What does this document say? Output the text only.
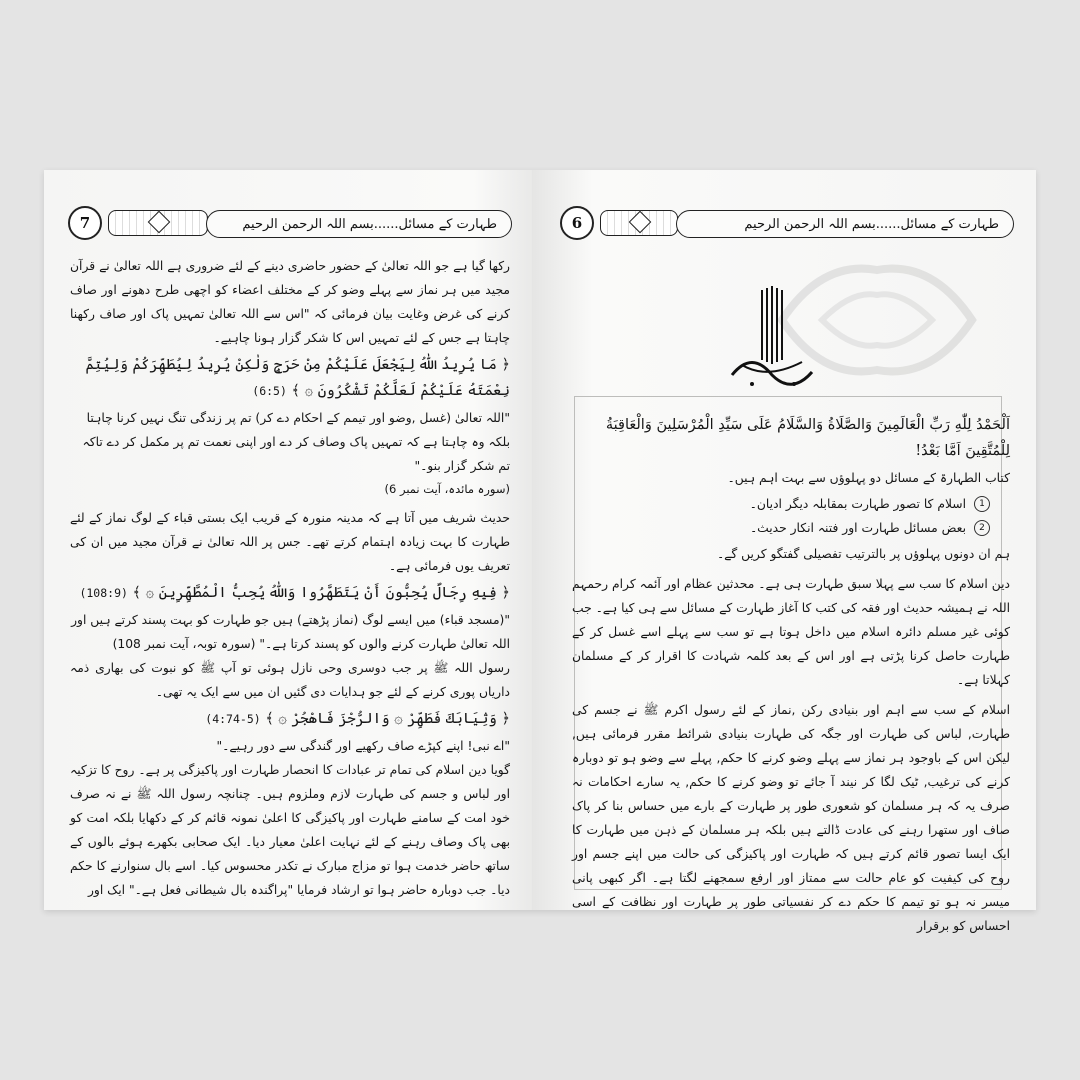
7	طہارت کے مسائل......بسم اللہ الرحمن الرحیم

رکھا گیا ہے جو اللہ تعالیٰ کے حضور حاضری دینے کے لئے ضروری ہے اللہ تعالیٰ نے قرآن مجید میں ہر نماز سے پہلے وضو کر کے مختلف اعضاء کو اچھی طرح دھونے اور صاف کرنے کی غرض وغایت بیان فرمائی کہ "اس سے اللہ تعالیٰ تمہیں پاک اور صاف رکھنا چاہتا ہے جس کے لئے تمہیں اس کا شکر گزار ہونا چاہیے۔

﴿ مَا يُرِيدُ اللّٰهُ لِيَجْعَلَ عَلَيْكُمْ مِنْ حَرَجٍ وَلٰكِنْ يُرِيدُ لِيُطَهِّرَكُمْ وَلِيُتِمَّ نِعْمَتَهُ عَلَيْكُمْ لَعَلَّكُمْ تَشْكُرُونَ ۞ ﴾ (6:5)

"اللہ تعالیٰ (غسل ,وضو اور تیمم کے احکام دے کر) تم پر زندگی تنگ نہیں کرنا چاہتا بلکہ وہ چاہتا ہے کہ تمہیں پاک وصاف کر دے اور اپنی نعمت تم پر مکمل کر دے تاکہ تم شکر گزار بنو۔"

(سورہ مائدہ، آیت نمبر 6)

حدیث شریف میں آتا ہے کہ مدینہ منورہ کے قریب ایک بستی قباء کے لوگ نماز کے لئے طہارت کا بہت زیادہ اہتمام کرتے تھے۔ جس پر اللہ تعالیٰ نے قرآن مجید میں ان کی تعریف یوں فرمائی ہے۔

﴿ فِيهِ رِجَالٌ يُحِبُّونَ أَنْ يَتَطَهَّرُوا وَاللّٰهُ يُحِبُّ الْمُطَّهِّرِينَ ۞ ﴾ (108:9)

"(مسجد قباء) میں ایسے لوگ (نماز پڑھتے) ہیں جو طہارت کو بہت پسند کرتے ہیں اور اللہ تعالیٰ طہارت کرنے والوں کو پسند کرتا ہے۔" (سورہ توبہ، آیت نمبر 108)

رسول اللہ ﷺ پر جب دوسری وحی نازل ہوئی تو آپ ﷺ کو نبوت کی بھاری ذمہ داریاں پوری کرنے کے لئے جو ہدایات دی گئیں ان میں سے ایک یہ تھی۔

﴿ وَثِيَابَكَ فَطَهِّرْ ۞ وَالرُّجْزَ فَاهْجُرْ ۞ ﴾ (5-4:74)

"اے نبی! اپنے کپڑے صاف رکھیے اور گندگی سے دور رہیے۔"

گویا دین اسلام کی تمام تر عبادات کا انحصار طہارت اور پاکیزگی پر ہے۔ روح کا تزکیہ اور لباس و جسم کی طہارت لازم وملزوم ہیں۔ چنانچہ رسول اللہ ﷺ نے نہ صرف خود امت کے سامنے طہارت اور پاکیزگی کا اعلیٰ نمونہ قائم کر کے دکھایا بلکہ امت کو بھی پاک وصاف رہنے کے لئے نہایت اعلیٰ معیار دیا۔ ایک صحابی بکھرے ہوئے بالوں کے ساتھ حاضر خدمت ہوا تو مزاج مبارک نے تکدر محسوس کیا۔ اسے بال سنوارنے کا حکم دیا۔ جب دوبارہ حاضر ہوا تو ارشاد فرمایا "پراگندہ بال شیطانی فعل ہے۔" ایک اور

6	طہارت کے مسائل......بسم اللہ الرحمن الرحیم

اَلْحَمْدُ لِلّٰهِ رَبِّ الْعَالَمِينَ وَالصَّلَاةُ وَالسَّلَامُ عَلَى سَيِّدِ الْمُرْسَلِينَ وَالْعَاقِبَةُ لِلْمُتَّقِينَ اَمَّا بَعْدُ!

کتاب الطہارۃ کے مسائل دو پہلوؤں سے بہت اہم ہیں۔

1
اسلام کا تصور طہارت بمقابلہ دیگر ادیان۔
2
بعض مسائل طہارت اور فتنہ انکار حدیث۔

ہم ان دونوں پہلوؤں پر بالترتیب تفصیلی گفتگو کریں گے۔

دین اسلام کا سب سے پہلا سبق طہارت ہی ہے۔ محدثین عظام اور آئمہ کرام رحمہم اللہ نے ہمیشہ حدیث اور فقہ کی کتب کا آغاز طہارت کے مسائل سے ہی کیا ہے۔ جب کوئی غیر مسلم دائرہ اسلام میں داخل ہوتا ہے تو سب سے پہلے اسے غسل کر کے طہارت حاصل کرنا پڑتی ہے اور اس کے بعد کلمہ شہادت کا اقرار کر کے مسلمان کہلاتا ہے۔

اسلام کے سب سے اہم اور بنیادی رکن ,نماز کے لئے رسول اکرم ﷺ نے جسم کی طہارت, لباس کی طہارت اور جگہ کی طہارت بنیادی شرائط مقرر فرمائی ہیں, لیکن اس کے باوجود ہر نماز سے پہلے وضو کرنے کا حکم, پہلے سے وضو ہو تو دوبارہ کرنے کی ترغیب, ٹیک لگا کر نیند آ جائے تو وضو کرنے کا حکم, یہ سارے احکامات نہ صرف یہ کہ ہر مسلمان کو شعوری طور پر طہارت کے بارے میں حساس بنا کر پاک صاف اور ستھرا رہنے کی عادت ڈالتے ہیں بلکہ ہر مسلمان کے ذہن میں طہارت کا ایک ایسا تصور قائم کرتے ہیں کہ طہارت اور پاکیزگی کی حالت میں اپنے جسم اور روح کی کیفیت کو عام حالت سے ممتاز اور ارفع سمجھنے لگتا ہے۔ اگر کبھی پانی میسر نہ ہو تو تیمم کا حکم دے کر نفسیاتی طور پر طہارت اور نظافت کے اسی احساس کو برقرار
